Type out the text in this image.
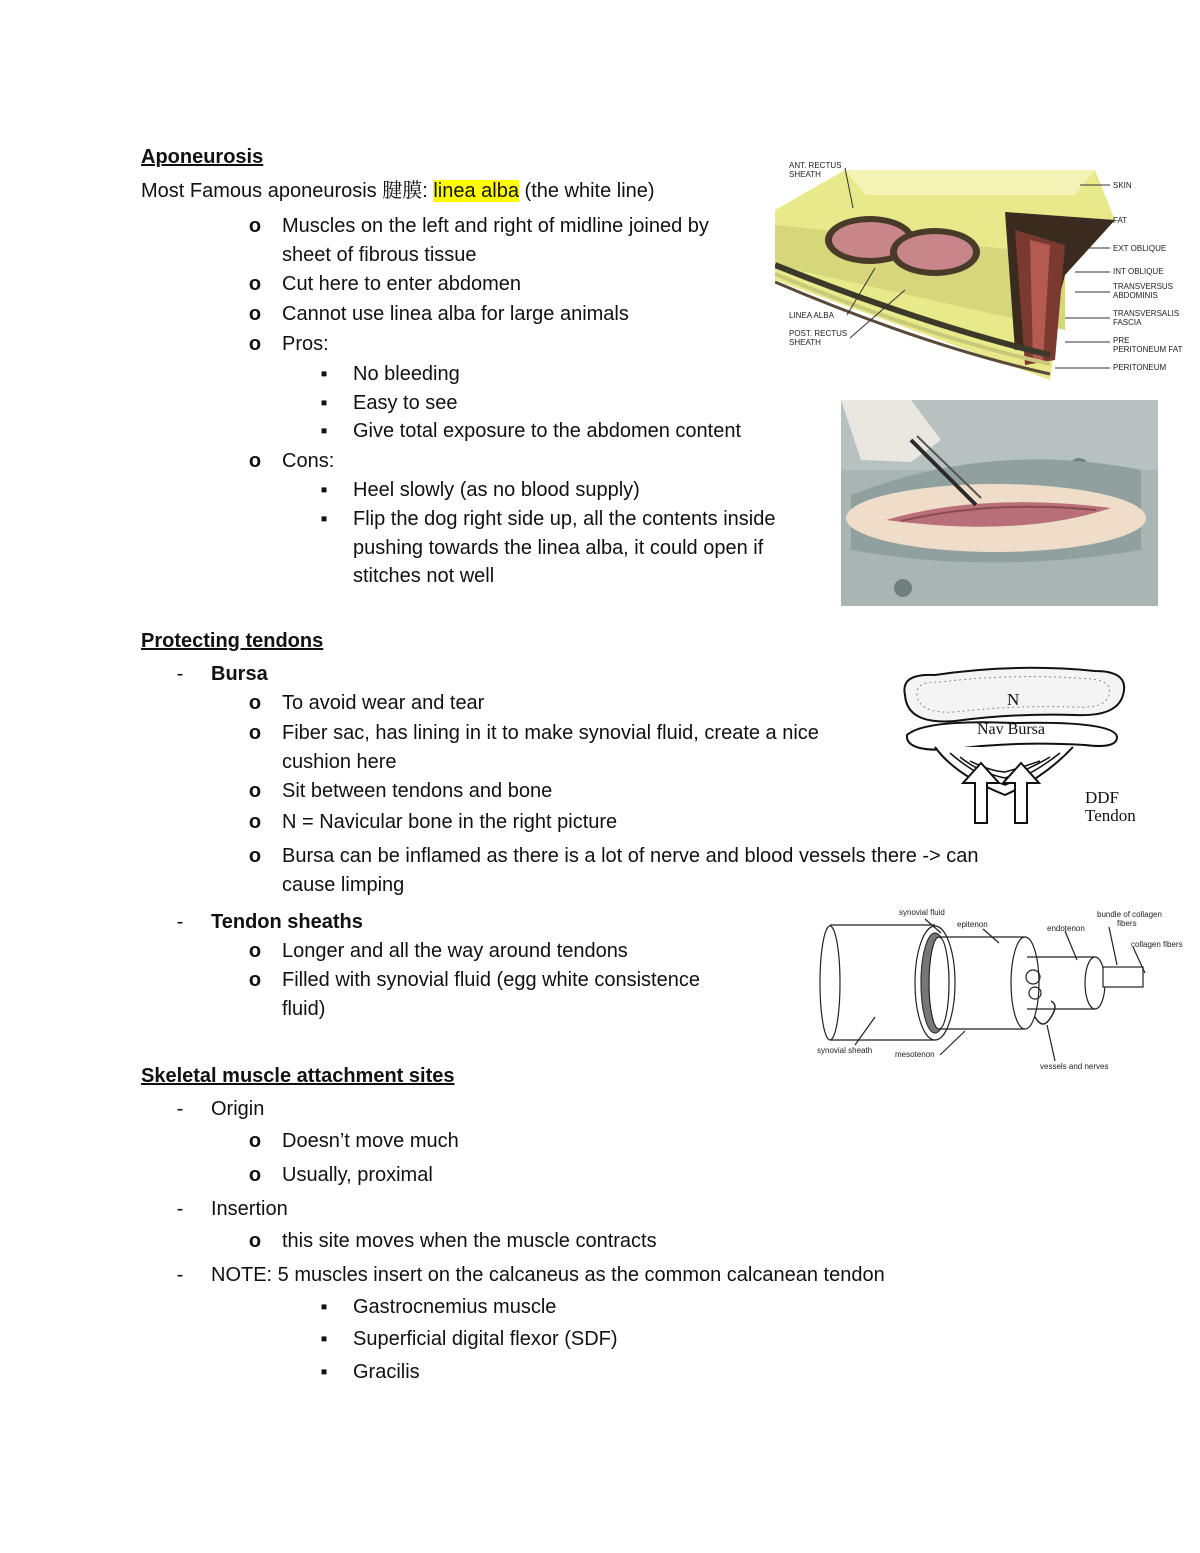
Aponeurosis
Most Famous aponeurosis 腱膜: linea alba (the white line)
o Muscles on the left and right of midline joined by
sheet of fibrous tissue
o Cut here to enter abdomen
o Cannot use linea alba for large animals
o Pros:
▪	No bleeding
▪	Easy to see
▪	Give total exposure to the abdomen content
o Cons:
▪	Heel slowly (as no blood supply)
▪	Flip the dog right side up, all the contents inside
pushing towards the linea alba, it could open if
stitches not well
ANT. RECTUS
SHEATH
SKIN
FAT
EXT OBLIQUE
INT OBLIQUE
TRANSVERSUS
ABDOMINIS
TRANSVERSALIS
FASCIA
PRE
PERITONEUM FAT
PERITONEUM
LINEA ALBA
POST. RECTUS
SHEATH
Protecting tendons
-	Bursa
o To avoid wear and tear
o Fiber sac, has lining in it to make synovial fluid, create a nice
cushion here
o Sit between tendons and bone
o N = Navicular bone in the right picture
o Bursa can be inflamed as there is a lot of nerve and blood vessels there -> can
cause limping
-	Tendon sheaths
o Longer and all the way around tendons
o Filled with synovial fluid (egg white consistence
fluid)
N
Nav Bursa
DDF
Tendon
synovial fluid
epitenon	endotenon
bundle of collagen
fibers
collagen fibers
synovial sheath	mesotenon
vessels and nerves
Skeletal muscle attachment sites
-	Origin
o Doesn’t move much
o Usually, proximal
-	Insertion
o this site moves when the muscle contracts
-	NOTE: 5 muscles insert on the calcaneus as the common calcanean tendon
▪	Gastrocnemius muscle
▪	Superficial digital flexor (SDF)
▪	Gracilis
